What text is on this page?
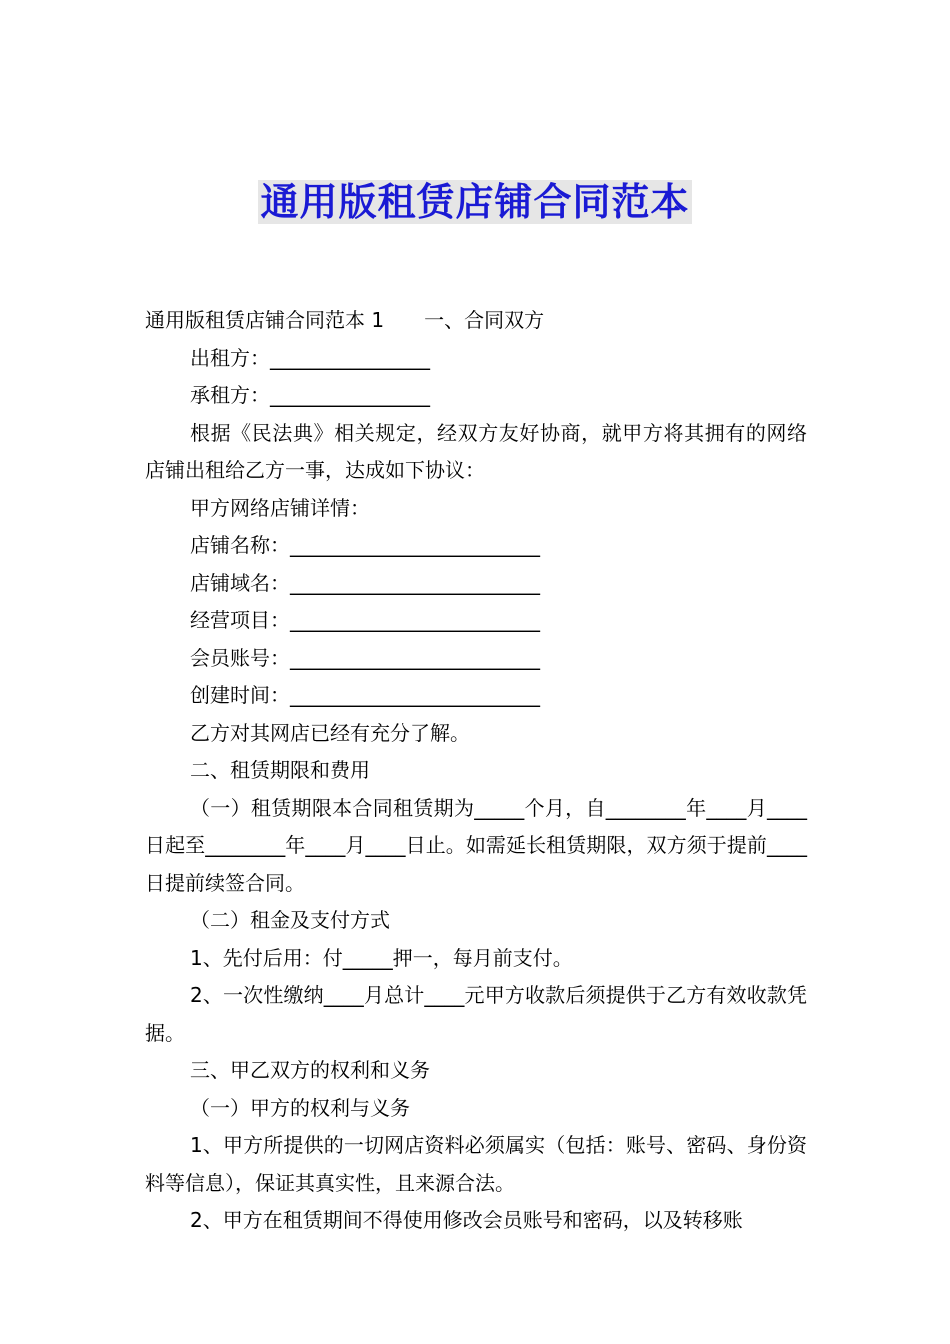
通用版租赁店铺合同范本

通用版租赁店铺合同范本 1 一、合同双方

出租方：________________

承租方：________________

根据《民法典》相关规定，经双方友好协商，就甲方将其拥有的网络店铺出租给乙方一事，达成如下协议：

甲方网络店铺详情：

店铺名称：_________________________

店铺域名：_________________________

经营项目：_________________________

会员账号：_________________________

创建时间：_________________________

乙方对其网店已经有充分了解。

二、租赁期限和费用

（一）租赁期限本合同租赁期为_____个月，自________年____月____日起至________年____月____日止。如需延长租赁期限，双方须于提前____日提前续签合同。

（二）租金及支付方式

1、先付后用：付_____押一，每月前支付。

2、一次性缴纳____月总计____元甲方收款后须提供于乙方有效收款凭据。

三、甲乙双方的权利和义务

（一）甲方的权利与义务

1、甲方所提供的一切网店资料必须属实（包括：账号、密码、身份资料等信息），保证其真实性，且来源合法。

2、甲方在租赁期间不得使用修改会员账号和密码，以及转移账
